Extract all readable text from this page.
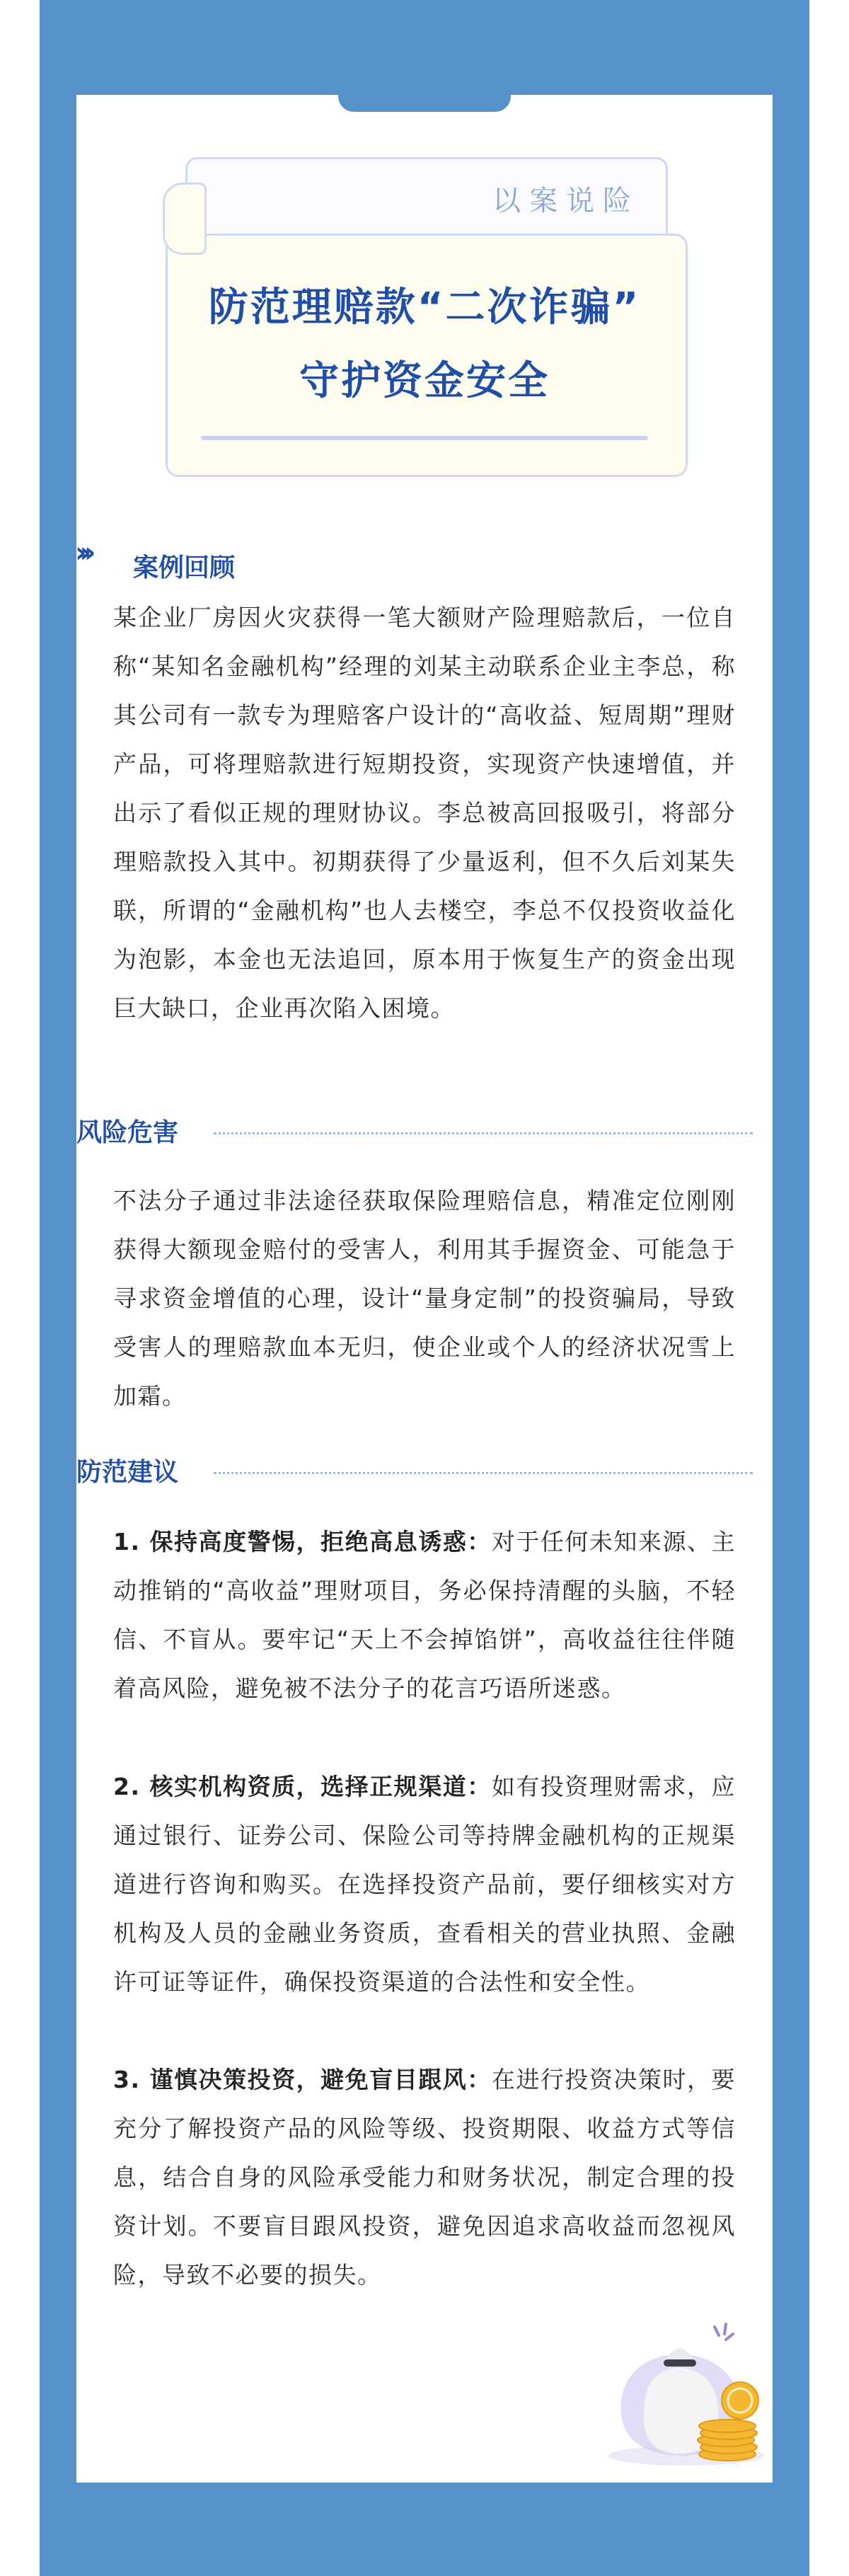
以案说险
防范理赔款“二次诈骗”
守护资金安全
››› 案例回顾

某企业厂房因火灾获得一笔大额财产险理赔款后，一位自称“某知名金融机构”经理的刘某主动联系企业主李总，称其公司有一款专为理赔客户设计的“高收益、短周期”理财产品，可将理赔款进行短期投资，实现资产快速增值，并出示了看似正规的理财协议。李总被高回报吸引，将部分理赔款投入其中。初期获得了少量返利，但不久后刘某失联，所谓的“金融机构”也人去楼空，李总不仅投资收益化为泡影，本金也无法追回，原本用于恢复生产的资金出现巨大缺口，企业再次陷入困境。

风险危害

不法分子通过非法途径获取保险理赔信息，精准定位刚刚获得大额现金赔付的受害人，利用其手握资金、可能急于寻求资金增值的心理，设计“量身定制”的投资骗局，导致受害人的理赔款血本无归，使企业或个人的经济状况雪上加霜。

防范建议

1. 保持高度警惕，拒绝高息诱惑：对于任何未知来源、主动推销的“高收益”理财项目，务必保持清醒的头脑，不轻信、不盲从。要牢记“天上不会掉馅饼”，高收益往往伴随着高风险，避免被不法分子的花言巧语所迷惑。

2. 核实机构资质，选择正规渠道：如有投资理财需求，应通过银行、证券公司、保险公司等持牌金融机构的正规渠道进行咨询和购买。在选择投资产品前，要仔细核实对方机构及人员的金融业务资质，查看相关的营业执照、金融许可证等证件，确保投资渠道的合法性和安全性。

3. 谨慎决策投资，避免盲目跟风：在进行投资决策时，要充分了解投资产品的风险等级、投资期限、收益方式等信息，结合自身的风险承受能力和财务状况，制定合理的投资计划。不要盲目跟风投资，避免因追求高收益而忽视风险，导致不必要的损失。
